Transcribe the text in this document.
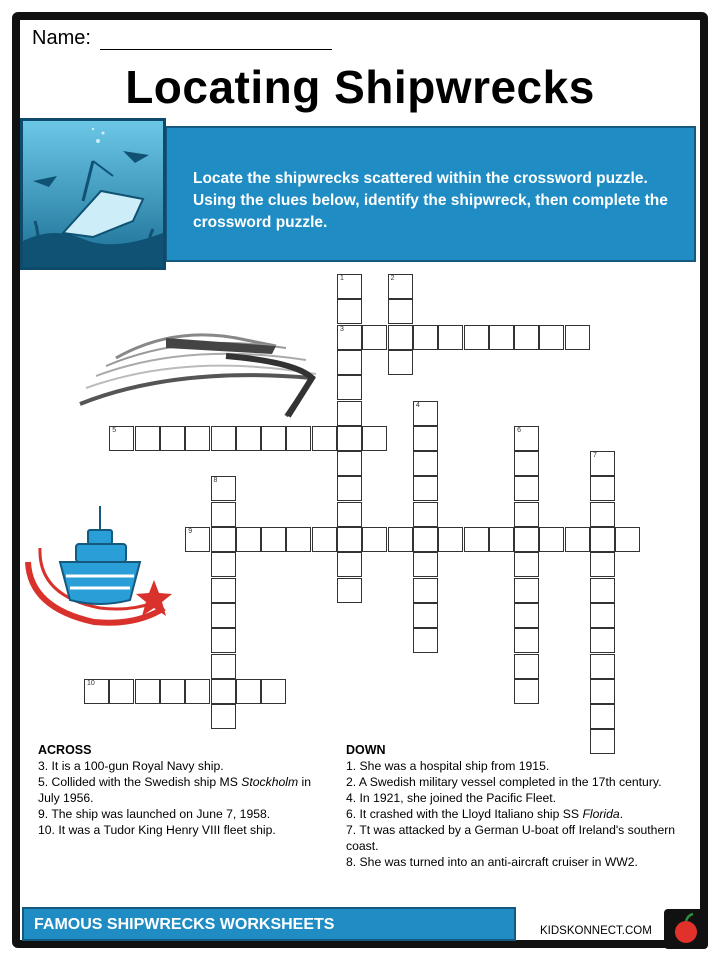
Name:
Locating Shipwrecks
Locate the shipwrecks scattered within the crossword puzzle. Using the clues below, identify the shipwreck, then complete the crossword puzzle.
3
5
9
10
1	2
4
6
7
8
ACROSS
3. It is a 100-gun Royal Navy ship.
5. Collided with the Swedish ship MS Stockholm in July 1956.
9. The ship was launched on June 7, 1958.
10. It was a Tudor King Henry VIII fleet ship.
DOWN
1. She was a hospital ship from 1915.
2. A Swedish military vessel completed in the 17th century.
4. In 1921, she joined the Pacific Fleet.
6. It crashed with the Lloyd Italiano ship SS Florida.
7. Tt was attacked by a German U-boat off Ireland's southern coast.
8. She was turned into an anti-aircraft cruiser in WW2.
FAMOUS SHIPWRECKS WORKSHEETS	KIDSKONNECT.COM
